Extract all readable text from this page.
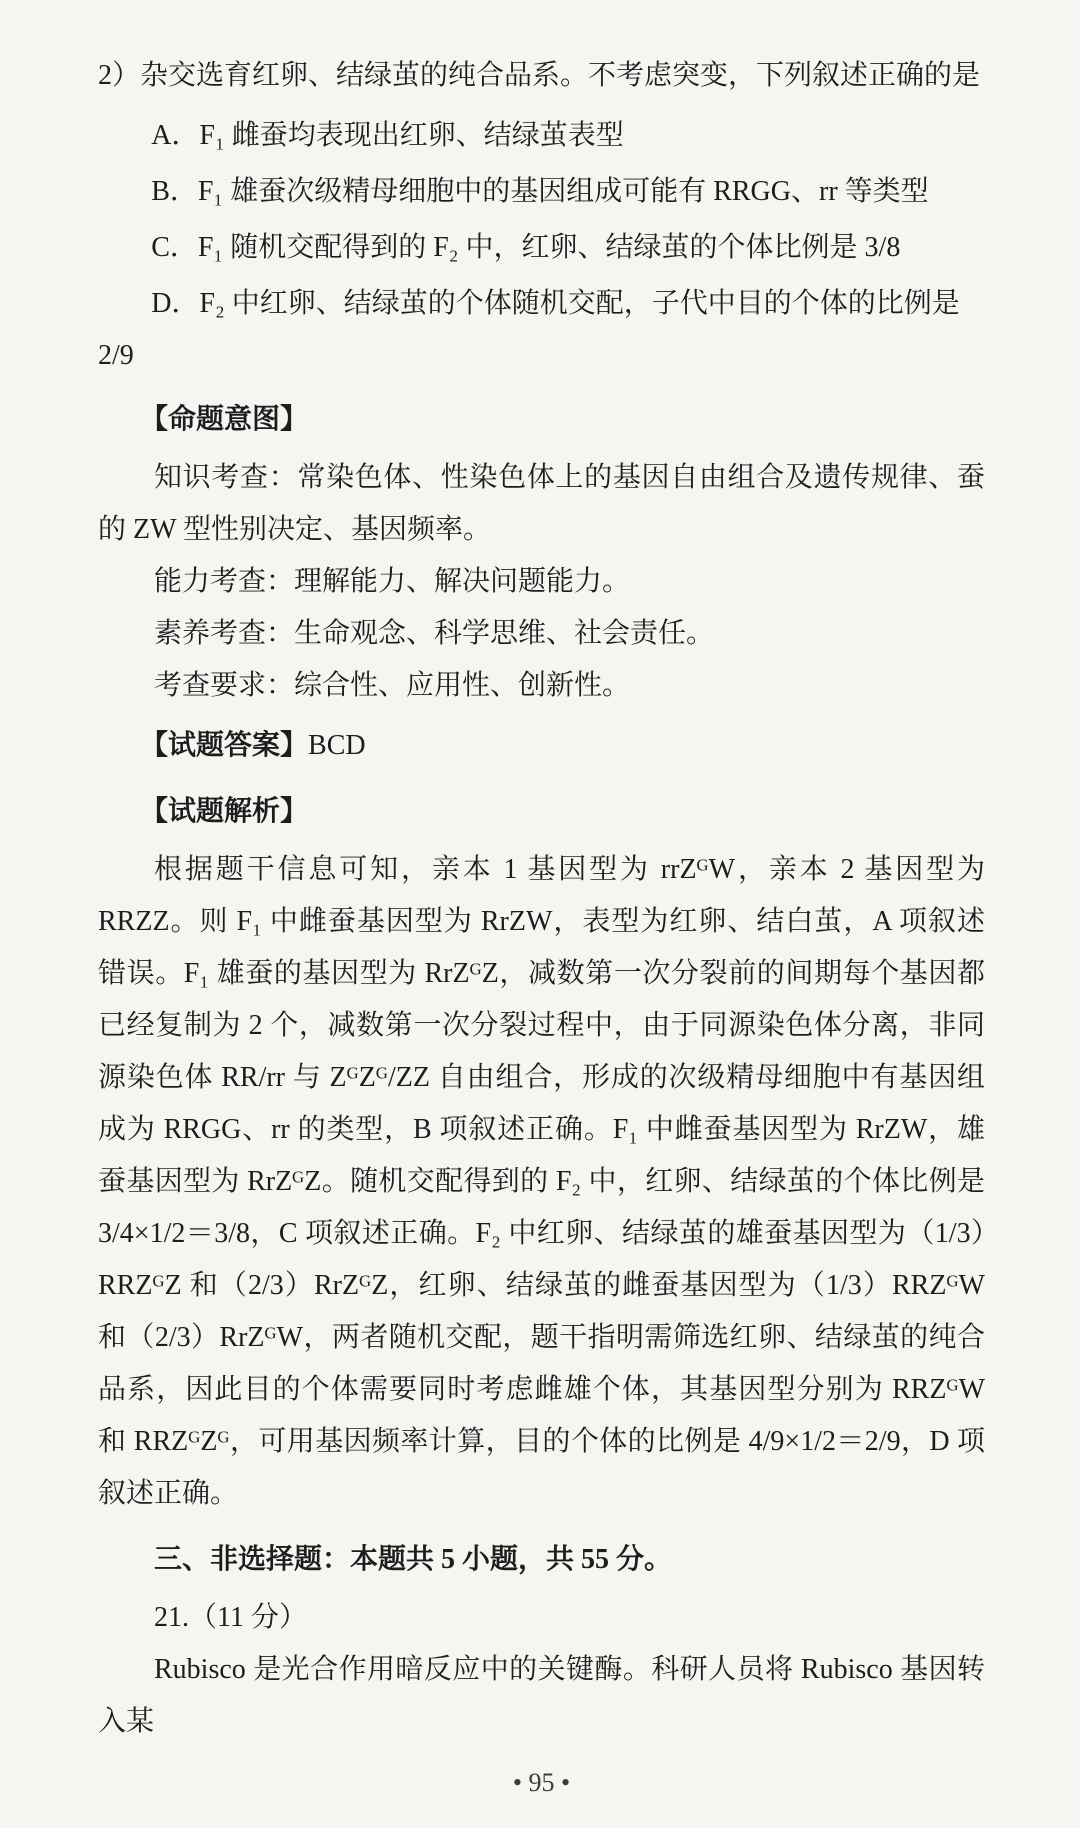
2）杂交选育红卵、结绿茧的纯合品系。不考虑突变，下列叙述正确的是

A．F₁ 雌蚕均表现出红卵、结绿茧表型

B．F₁ 雄蚕次级精母细胞中的基因组成可能有 RRGG、rr 等类型

C．F₁ 随机交配得到的 F₂ 中，红卵、结绿茧的个体比例是 3/8

D．F₂ 中红卵、结绿茧的个体随机交配，子代中目的个体的比例是 2/9

【命题意图】

知识考查：常染色体、性染色体上的基因自由组合及遗传规律、蚕的 ZW 型性别决定、基因频率。

能力考查：理解能力、解决问题能力。

素养考查：生命观念、科学思维、社会责任。

考查要求：综合性、应用性、创新性。

【试题答案】BCD

【试题解析】

根据题干信息可知，亲本 1 基因型为 rrZᴳW，亲本 2 基因型为 RRZZ。则 F₁ 中雌蚕基因型为 RrZW，表型为红卵、结白茧，A 项叙述错误。F₁ 雄蚕的基因型为 RrZᴳZ，减数第一次分裂前的间期每个基因都已经复制为 2 个，减数第一次分裂过程中，由于同源染色体分离，非同源染色体 RR/rr 与 ZᴳZᴳ/ZZ 自由组合，形成的次级精母细胞中有基因组成为 RRGG、rr 的类型，B 项叙述正确。F₁ 中雌蚕基因型为 RrZW，雄蚕基因型为 RrZᴳZ。随机交配得到的 F₂ 中，红卵、结绿茧的个体比例是 3/4×1/2＝3/8，C 项叙述正确。F₂ 中红卵、结绿茧的雄蚕基因型为（1/3）RRZᴳZ 和（2/3）RrZᴳZ，红卵、结绿茧的雌蚕基因型为（1/3）RRZᴳW 和（2/3）RrZᴳW，两者随机交配，题干指明需筛选红卵、结绿茧的纯合品系，因此目的个体需要同时考虑雌雄个体，其基因型分别为 RRZᴳW 和 RRZᴳZᴳ，可用基因频率计算，目的个体的比例是 4/9×1/2＝2/9，D 项叙述正确。

三、非选择题：本题共 5 小题，共 55 分。

21.（11 分）

Rubisco 是光合作用暗反应中的关键酶。科研人员将 Rubisco 基因转入某

• 95 •
